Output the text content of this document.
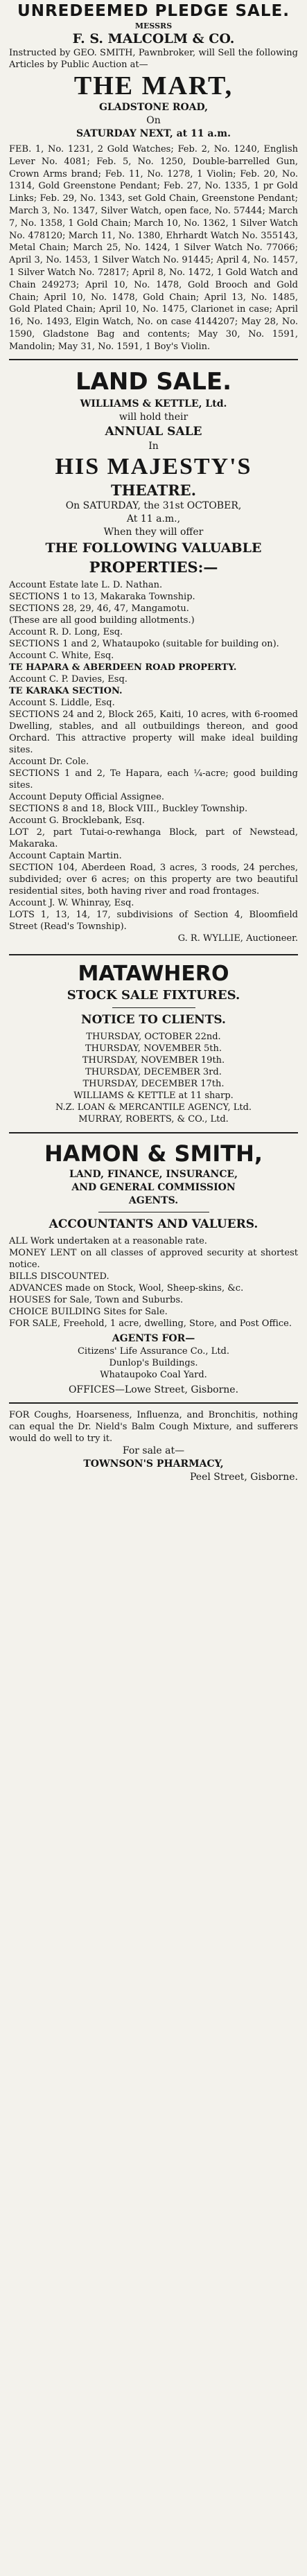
UNREDEEMED PLEDGE SALE.
MESSRS
F. S. MALCOLM & CO.

Instructed by GEO. SMITH, Pawnbroker, will Sell the following Articles by Public Auction at—

THE MART,
GLADSTONE ROAD,
On
SATURDAY NEXT, at 11 a.m.

FEB. 1, No. 1231, 2 Gold Watches; Feb. 2, No. 1240, English Lever No. 4081; Feb. 5, No. 1250, Double-barrelled Gun, Crown Arms brand; Feb. 11, No. 1278, 1 Violin; Feb. 20, No. 1314, Gold Greenstone Pendant; Feb. 27, No. 1335, 1 pr Gold Links; Feb. 29, No. 1343, set Gold Chain, Greenstone Pendant; March 3, No. 1347, Silver Watch, open face, No. 57444; March 7, No. 1358, 1 Gold Chain; March 10, No. 1362, 1 Silver Watch No. 478120; March 11, No. 1380, Ehrhardt Watch No. 355143, Metal Chain; March 25, No. 1424, 1 Silver Watch No. 77066; April 3, No. 1453, 1 Silver Watch No. 91445; April 4, No. 1457, 1 Silver Watch No. 72817; April 8, No. 1472, 1 Gold Watch and Chain 249273; April 10, No. 1478, Gold Brooch and Gold Chain; April 10, No. 1478, Gold Chain; April 13, No. 1485, Gold Plated Chain; April 10, No. 1475, Clarionet in case; April 16, No. 1493, Elgin Watch, No. on case 4144207; May 28, No. 1590, Gladstone Bag and contents; May 30, No. 1591, Mandolin; May 31, No. 1591, 1 Boy's Violin.

LAND SALE.
WILLIAMS & KETTLE, Ltd.
will hold their
ANNUAL SALE
In
HIS MAJESTY'S
THEATRE.
On SATURDAY, the 31st OCTOBER,
At 11 a.m.,
When they will offer
THE FOLLOWING VALUABLE
PROPERTIES:—

Account Estate late L. D. Nathan.

SECTIONS 1 to 13, Makaraka Township.

SECTIONS 28, 29, 46, 47, Mangamotu.

(These are all good building allotments.)

Account R. D. Long, Esq.

SECTIONS 1 and 2, Whataupoko (suitable for building on).

Account C. White, Esq.

TE HAPARA & ABERDEEN ROAD PROPERTY.

Account C. P. Davies, Esq.

TE KARAKA SECTION.

Account S. Liddle, Esq.

SECTIONS 24 and 2, Block 265, Kaiti, 10 acres, with 6-roomed Dwelling, stables, and all outbuildings thereon, and good Orchard. This attractive property will make ideal building sites.

Account Dr. Cole.

SECTIONS 1 and 2, Te Hapara, each ¼-acre; good building sites.

Account Deputy Official Assignee.

SECTIONS 8 and 18, Block VIII., Buckley Township.

Account G. Brocklebank, Esq.

LOT 2, part Tutai-o-rewhanga Block, part of Newstead, Makaraka.

Account Captain Martin.

SECTION 104, Aberdeen Road, 3 acres, 3 roods, 24 perches, subdivided; over 6 acres; on this property are two beautiful residential sites, both having river and road frontages.

Account J. W. Whinray, Esq.

LOTS 1, 13, 14, 17, subdivisions of Section 4, Bloomfield Street (Read's Township).

G. R. WYLLIE, Auctioneer.

MATAWHERO
STOCK SALE FIXTURES.
NOTICE TO CLIENTS.
THURSDAY, OCTOBER 22nd.
THURSDAY, NOVEMBER 5th.
THURSDAY, NOVEMBER 19th.
THURSDAY, DECEMBER 3rd.
THURSDAY, DECEMBER 17th.
WILLIAMS & KETTLE at 11 sharp.
N.Z. LOAN & MERCANTILE AGENCY, Ltd.
MURRAY, ROBERTS, & CO., Ltd.
HAMON & SMITH,
LAND, FINANCE, INSURANCE,
AND GENERAL COMMISSION
AGENTS.
ACCOUNTANTS AND VALUERS.

ALL Work undertaken at a reasonable rate.

MONEY LENT on all classes of approved security at shortest notice.

BILLS DISCOUNTED.

ADVANCES made on Stock, Wool, Sheep-skins, &c.

HOUSES for Sale, Town and Suburbs.

CHOICE BUILDING Sites for Sale.

FOR SALE, Freehold, 1 acre, dwelling, Store, and Post Office.

AGENTS FOR—
Citizens' Life Assurance Co., Ltd.
Dunlop's Buildings.
Whataupoko Coal Yard.
OFFICES—Lowe Street, Gisborne.

FOR Coughs, Hoarseness, Influenza, and Bronchitis, nothing can equal the Dr. Nield's Balm Cough Mixture, and sufferers would do well to try it.

For sale at—
TOWNSON'S PHARMACY,
Peel Street, Gisborne.
